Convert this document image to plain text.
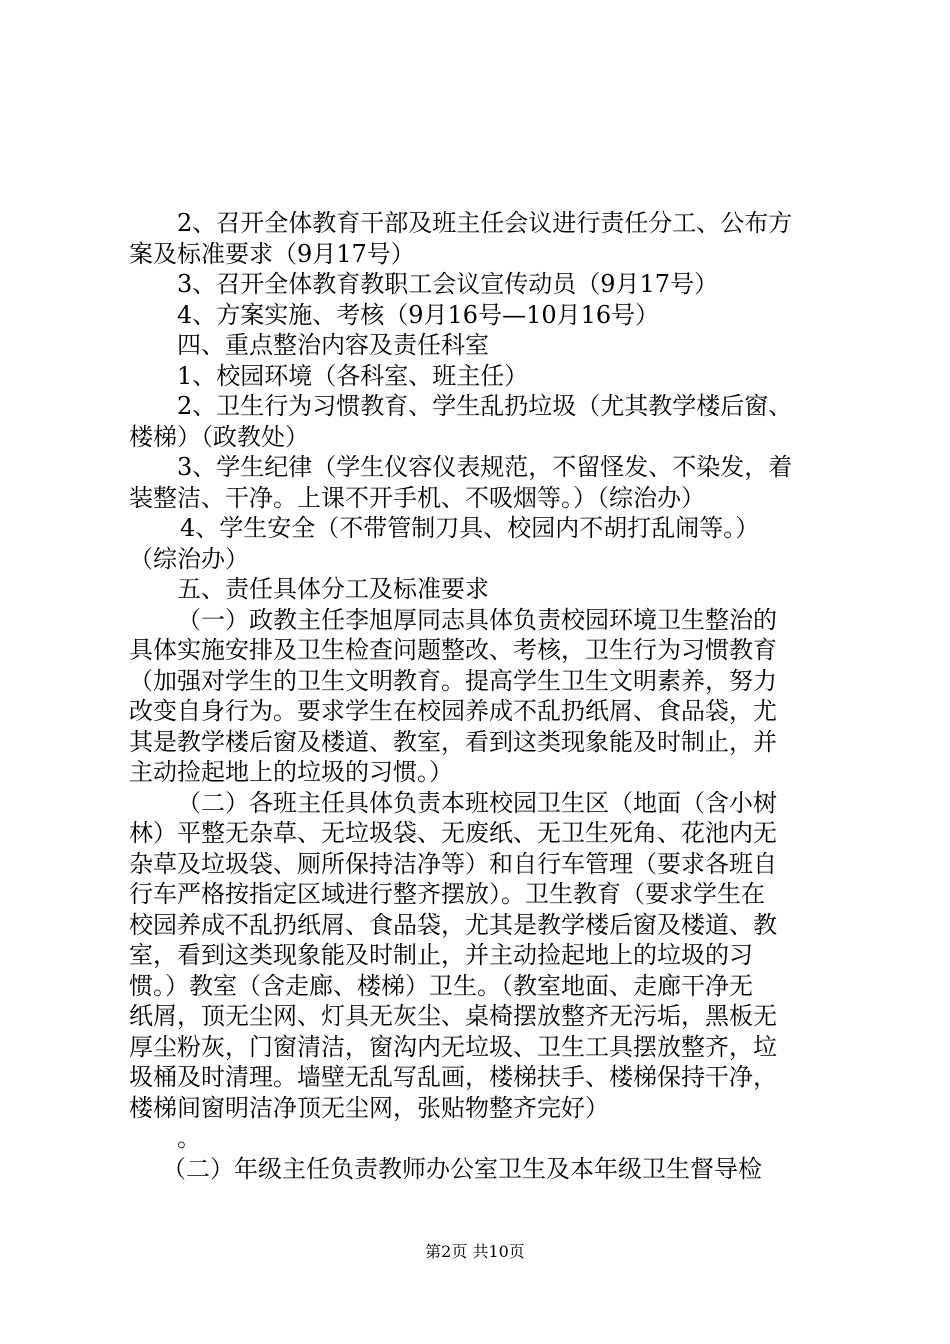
2、召开全体教育干部及班主任会议进行责任分工、公布方
案及标准要求（9月17号）
3、召开全体教育教职工会议宣传动员（9月17号）
4、方案实施、考核（9月16号—10月16号）
四、重点整治内容及责任科室
1、校园环境（各科室、班主任）
2、卫生行为习惯教育、学生乱扔垃圾（尤其教学楼后窗、
楼梯）（政教处）
3、学生纪律（学生仪容仪表规范，不留怪发、不染发，着
装整洁、干净。上课不开手机、不吸烟等。）（综治办）
4、学生安全（不带管制刀具、校园内不胡打乱闹等。）
（综治办）
五、责任具体分工及标准要求
（一）政教主任李旭厚同志具体负责校园环境卫生整治的
具体实施安排及卫生检查问题整改、考核，卫生行为习惯教育
（加强对学生的卫生文明教育。提高学生卫生文明素养，努力
改变自身行为。要求学生在校园养成不乱扔纸屑、食品袋，尤
其是教学楼后窗及楼道、教室，看到这类现象能及时制止，并
主动捡起地上的垃圾的习惯。）
（二）各班主任具体负责本班校园卫生区（地面（含小树
林）平整无杂草、无垃圾袋、无废纸、无卫生死角、花池内无
杂草及垃圾袋、厕所保持洁净等）和自行车管理（要求各班自
行车严格按指定区域进行整齐摆放）。卫生教育（要求学生在
校园养成不乱扔纸屑、食品袋，尤其是教学楼后窗及楼道、教
室，看到这类现象能及时制止，并主动捡起地上的垃圾的习
惯。）教室（含走廊、楼梯）卫生。（教室地面、走廊干净无
纸屑，顶无尘网、灯具无灰尘、桌椅摆放整齐无污垢，黑板无
厚尘粉灰，门窗清洁，窗沟内无垃圾、卫生工具摆放整齐，垃
圾桶及时清理。墙壁无乱写乱画，楼梯扶手、楼梯保持干净，
楼梯间窗明洁净顶无尘网，张贴物整齐完好）
。
（二）年级主任负责教师办公室卫生及本年级卫生督导检
第2页 共10页
